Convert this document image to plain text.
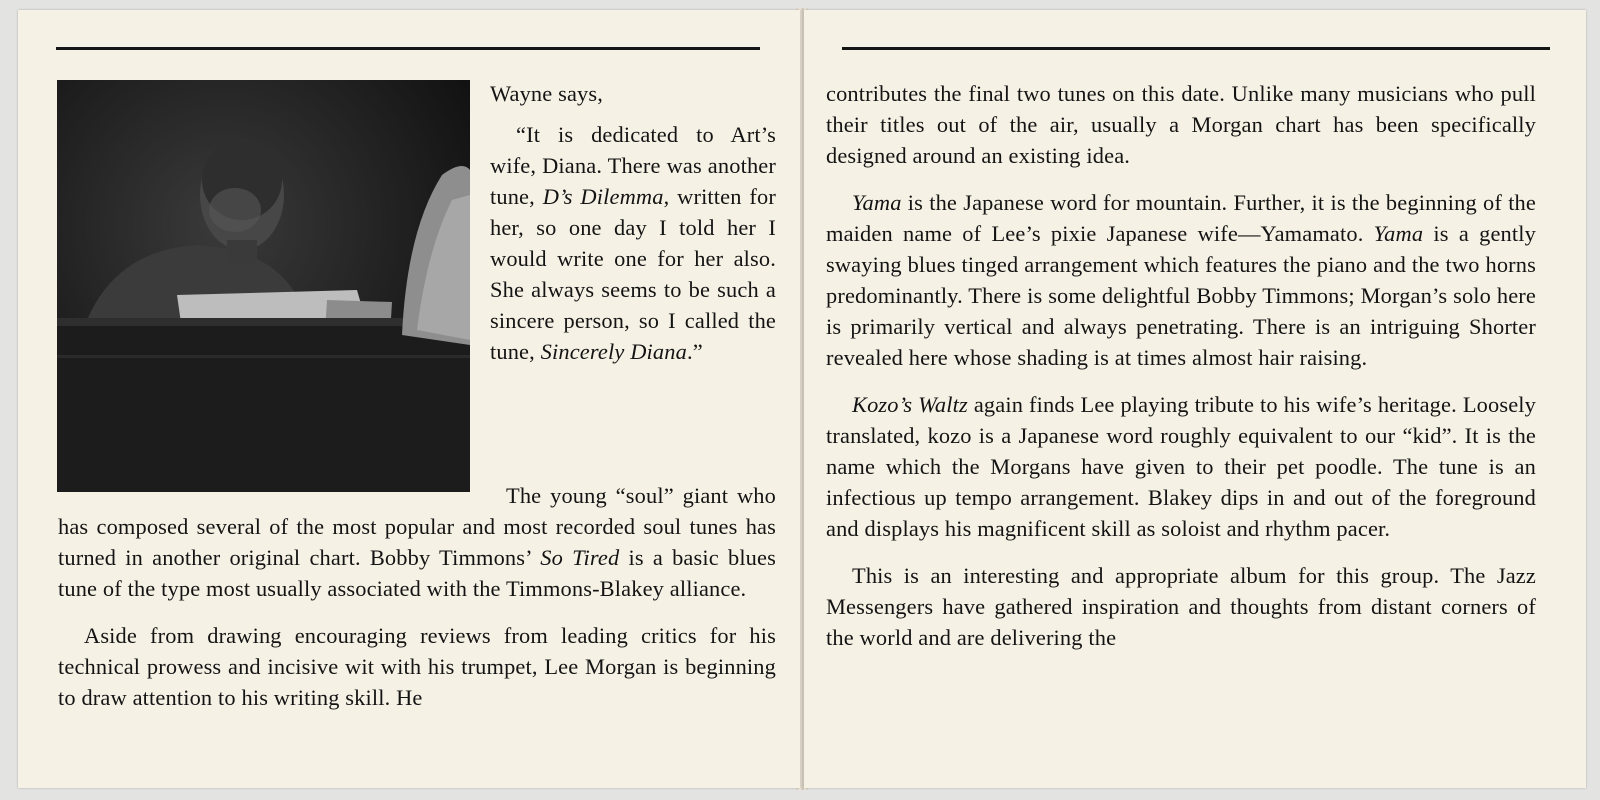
Wayne says,

“It is dedicated to Art’s wife, Diana. There was another tune, D’s Dilemma, written for her, so one day I told her I would write one for her also. She always seems to be such a sincere person, so I called the tune, Sincerely Diana.”

The young “soul” giant who has composed several of the most popular and most recorded soul tunes has turned in another original chart. Bobby Timmons’ So Tired is a basic blues tune of the type most usually associated with the Timmons-Blakey alliance.

Aside from drawing encouraging reviews from leading critics for his technical prowess and incisive wit with his trumpet, Lee Morgan is beginning to draw attention to his writing skill. He

contributes the final two tunes on this date. Unlike many musicians who pull their titles out of the air, usually a Morgan chart has been specifically designed around an existing idea.

Yama is the Japanese word for mountain. Further, it is the beginning of the maiden name of Lee’s pixie Japanese wife—Yamamato. Yama is a gently swaying blues tinged arrangement which features the piano and the two horns predominantly. There is some delightful Bobby Timmons; Morgan’s solo here is primarily vertical and always penetrating. There is an intriguing Shorter revealed here whose shading is at times almost hair raising.

Kozo’s Waltz again finds Lee playing tribute to his wife’s heritage. Loosely translated, kozo is a Japanese word roughly equivalent to our “kid”. It is the name which the Morgans have given to their pet poodle. The tune is an infectious up tempo arrangement. Blakey dips in and out of the foreground and displays his magnificent skill as soloist and rhythm pacer.

This is an interesting and appropriate album for this group. The Jazz Messengers have gathered inspiration and thoughts from distant corners of the world and are delivering the
